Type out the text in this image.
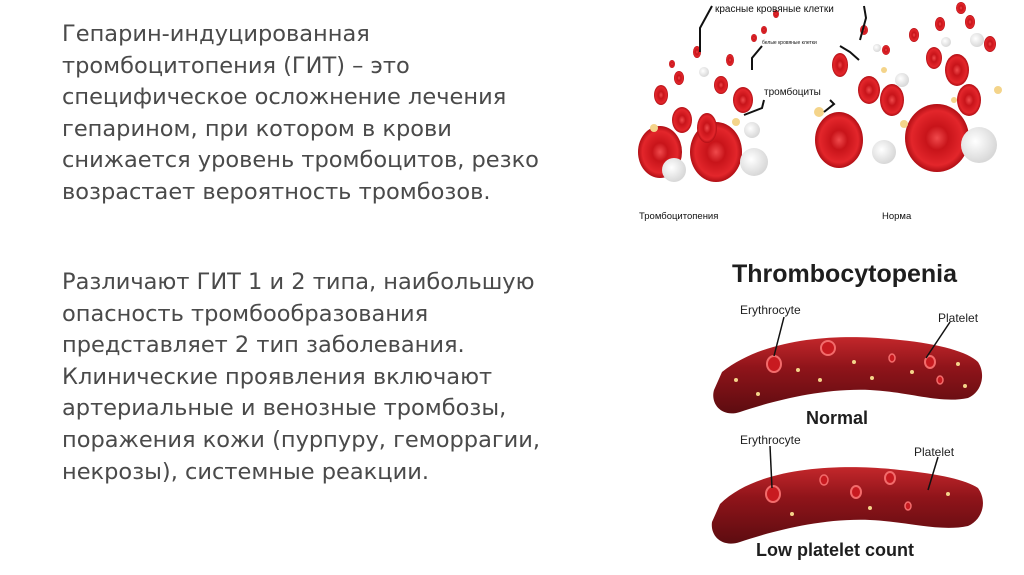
Гепарин-индуцированная
тромбоцитопения (ГИТ) – это
специфическое осложнение лечения
гепарином, при котором в крови
снижается уровень тромбоцитов, резко
возрастает вероятность тромбозов.

Различают ГИТ 1 и 2 типа, наибольшую
опасность тромбообразования
представляет 2 тип заболевания.
Клинические проявления включают
артериальные и венозные тромбозы,
поражения кожи (пурпуру, геморрагии,
некрозы), системные реакции.

красные кровяные клетки
белые кровяные клетки
тромбоциты
Тромбоцитопения	Норма
Thrombocytopenia
Erythrocyte
Platelet
Normal
Erythrocyte
Platelet
Low platelet count
